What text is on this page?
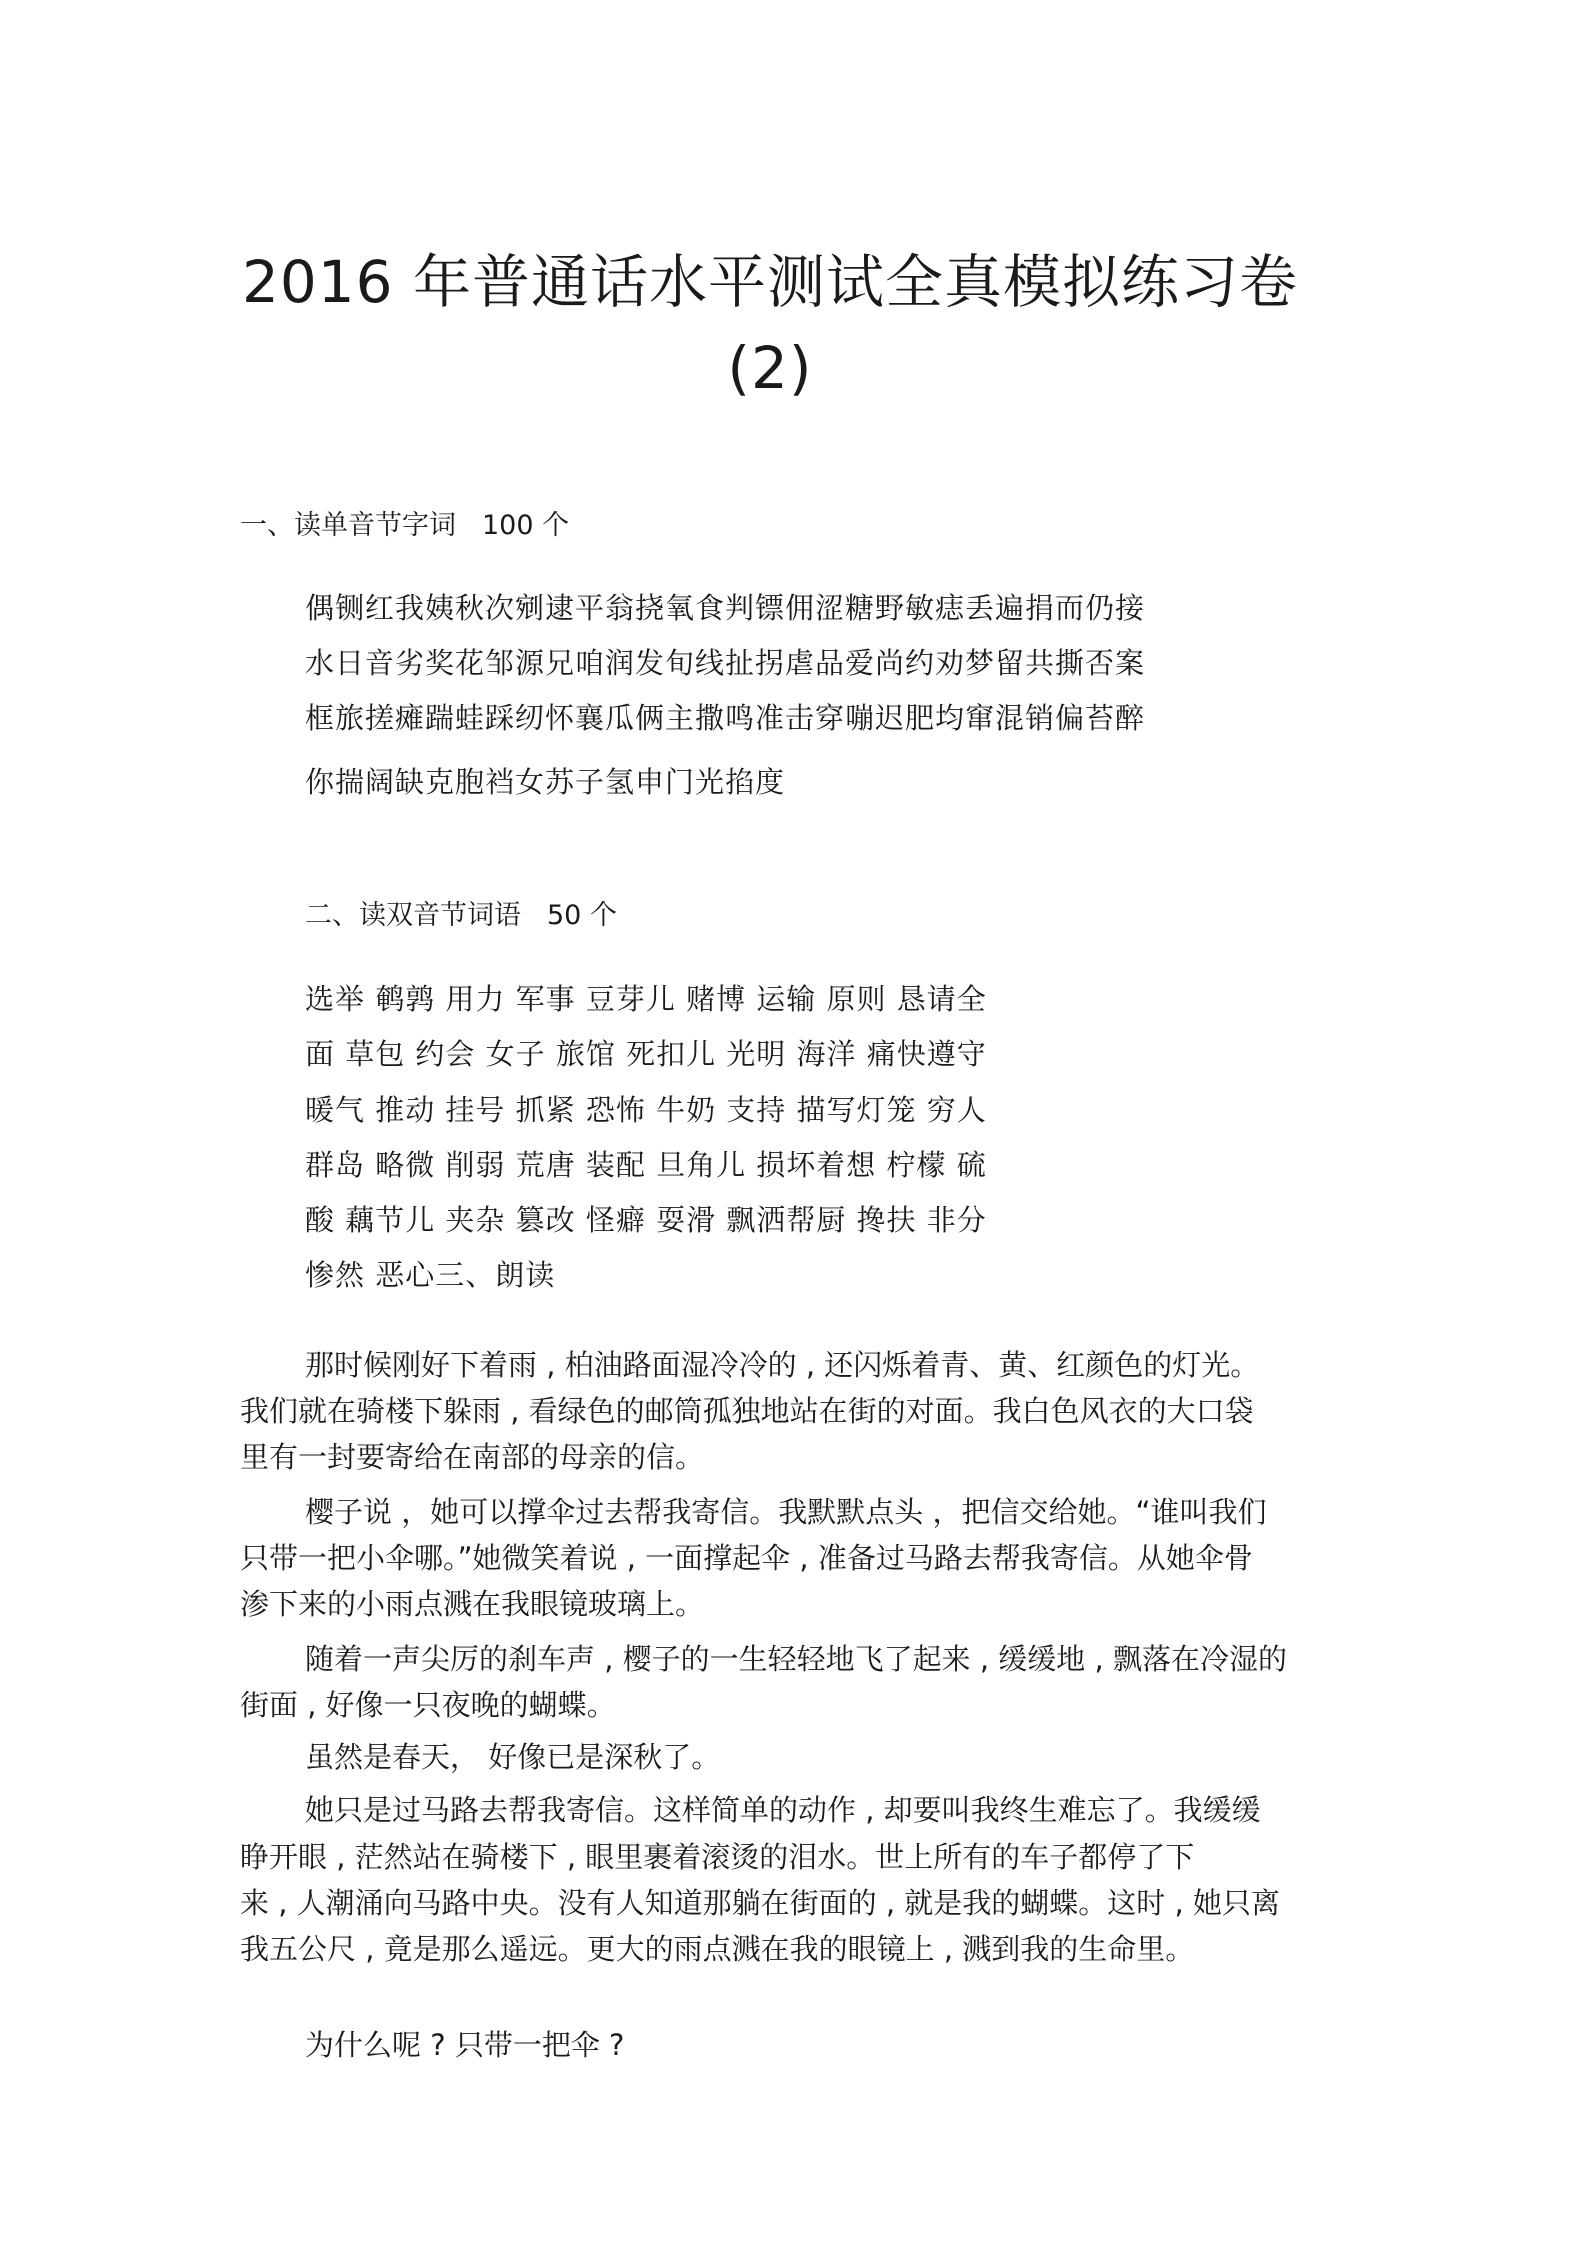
2016 年普通话水平测试全真模拟练习卷(2)
一、读单音节字词 100 个
偶铡红我姨秋次剜逮平翁挠氧食判镖佣涩糖野敏痣丢遍捐而仍接
水日音劣奖花邹源兄咱润发旬线扯拐虐品爱尚约劝梦留共撕否案
框旅搓瘫踹蛙踩纫怀襄瓜俩主撒鸣准击穿嘣迟肥均窜混销偏苔醉
你揣阔缺克胞裆女苏子氢申门光掐度
二、读双音节词语 50 个
选举 鹌鹑 用力 军事 豆芽儿 赌博 运输 原则 恳请全
面 草包 约会 女子 旅馆 死扣儿 光明 海洋 痛快遵守
暖气 推动 挂号 抓紧 恐怖 牛奶 支持 描写灯笼 穷人
群岛 略微 削弱 荒唐 装配 旦角儿 损坏着想 柠檬 硫
酸 藕节儿 夹杂 篡改 怪癖 耍滑 飘洒帮厨 搀扶 非分
惨然 恶心三、朗读
那时候刚好下着雨 , 柏油路面湿冷冷的 , 还闪烁着青、黄、红颜色的灯光。
我们就在骑楼下躲雨 , 看绿色的邮筒孤独地站在街的对面。我白色风衣的大口袋
里有一封要寄给在南部的母亲的信。
樱子说 ，她可以撑伞过去帮我寄信。我默默点头 ，把信交给她。“谁叫我们
只带一把小伞哪。”她微笑着说 , 一面撑起伞 , 准备过马路去帮我寄信。从她伞骨
渗下来的小雨点溅在我眼镜玻璃上。
随着一声尖厉的刹车声 , 樱子的一生轻轻地飞了起来 , 缓缓地 , 飘落在冷湿的
街面 , 好像一只夜晚的蝴蝶。
虽然是春天， 好像已是深秋了。
她只是过马路去帮我寄信。这样简单的动作 , 却要叫我终生难忘了。我缓缓
睁开眼 , 茫然站在骑楼下 , 眼里裹着滚烫的泪水。世上所有的车子都停了下
来 , 人潮涌向马路中央。没有人知道那躺在街面的 , 就是我的蝴蝶。这时 , 她只离
我五公尺 , 竟是那么遥远。更大的雨点溅在我的眼镜上 , 溅到我的生命里。
为什么呢 ? 只带一把伞 ?
